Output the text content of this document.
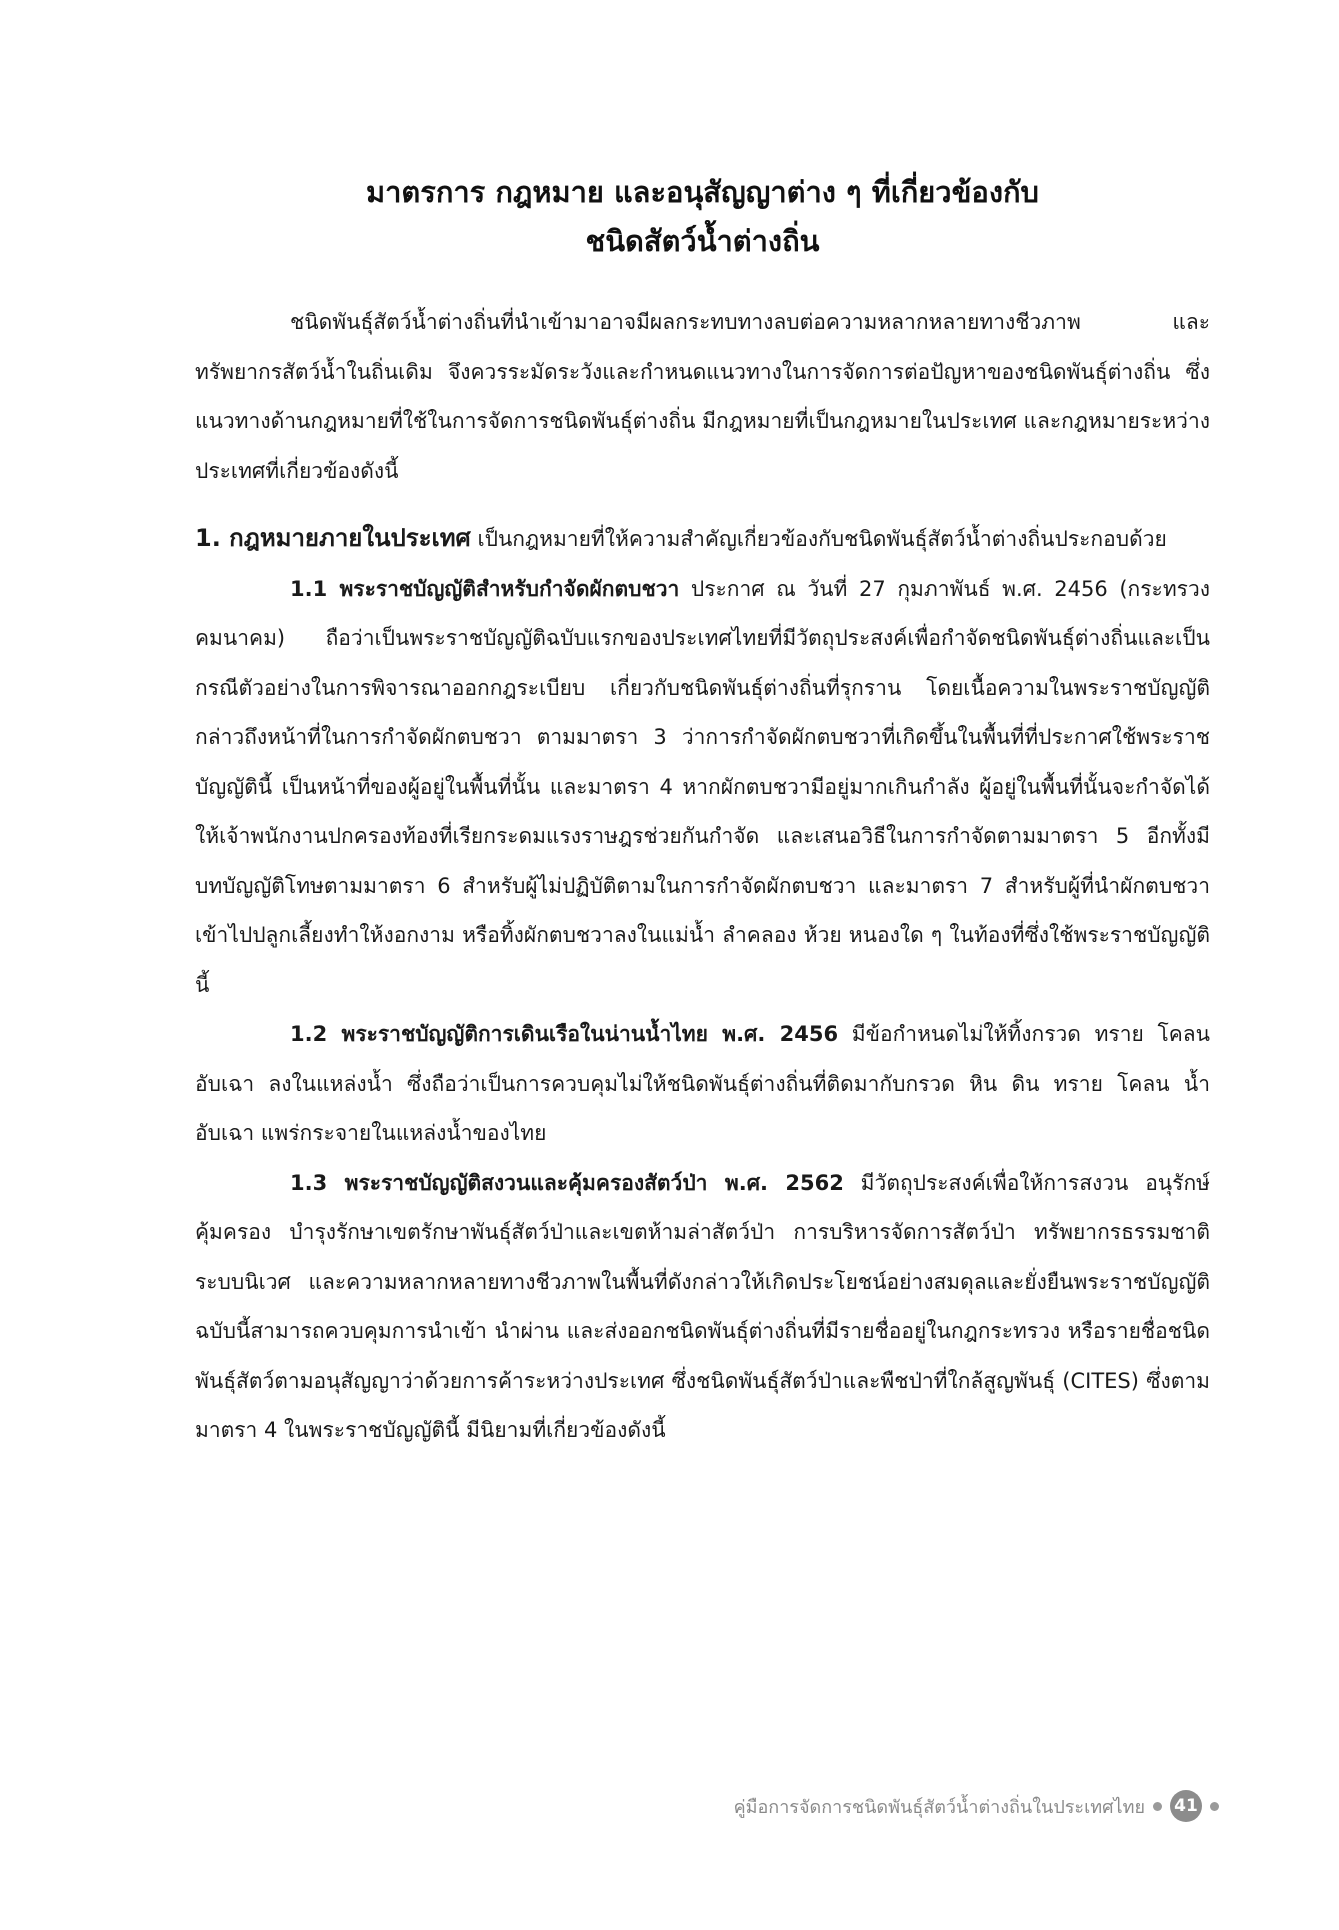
มาตรการ กฎหมาย และอนุสัญญาต่าง ๆ ที่เกี่ยวข้องกับ
ชนิดสัตว์น้ำต่างถิ่น

ชนิดพันธุ์สัตว์น้ำต่างถิ่นที่นำเข้ามาอาจมีผลกระทบทางลบต่อความหลากหลายทางชีวภาพ และทรัพยากรสัตว์น้ำในถิ่นเดิม จึงควรระมัดระวังและกำหนดแนวทางในการจัดการต่อปัญหาของชนิดพันธุ์ต่างถิ่น ซึ่งแนวทางด้านกฎหมายที่ใช้ในการจัดการชนิดพันธุ์ต่างถิ่น มีกฎหมายที่เป็นกฎหมายในประเทศ และกฎหมายระหว่างประเทศที่เกี่ยวข้องดังนี้

1. กฎหมายภายในประเทศ เป็นกฎหมายที่ให้ความสำคัญเกี่ยวข้องกับชนิดพันธุ์สัตว์น้ำต่างถิ่นประกอบด้วย

1.1 พระราชบัญญัติสำหรับกำจัดผักตบชวา ประกาศ ณ วันที่ 27 กุมภาพันธ์ พ.ศ. 2456 (กระทรวงคมนาคม) ถือว่าเป็นพระราชบัญญัติฉบับแรกของประเทศไทยที่มีวัตถุประสงค์เพื่อกำจัดชนิดพันธุ์ต่างถิ่นและเป็นกรณีตัวอย่างในการพิจารณาออกกฎระเบียบ เกี่ยวกับชนิดพันธุ์ต่างถิ่นที่รุกราน โดยเนื้อความในพระราชบัญญัติ กล่าวถึงหน้าที่ในการกำจัดผักตบชวา ตามมาตรา 3 ว่าการกำจัดผักตบชวาที่เกิดขึ้นในพื้นที่ที่ประกาศใช้พระราชบัญญัตินี้ เป็นหน้าที่ของผู้อยู่ในพื้นที่นั้น และมาตรา 4 หากผักตบชวามีอยู่มากเกินกำลัง ผู้อยู่ในพื้นที่นั้นจะกำจัดได้ ให้เจ้าพนักงานปกครองท้องที่เรียกระดมแรงราษฎรช่วยกันกำจัด และเสนอวิธีในการกำจัดตามมาตรา 5 อีกทั้งมีบทบัญญัติโทษตามมาตรา 6 สำหรับผู้ไม่ปฏิบัติตามในการกำจัดผักตบชวา และมาตรา 7 สำหรับผู้ที่นำผักตบชวาเข้าไปปลูกเลี้ยงทำให้งอกงาม หรือทิ้งผักตบชวาลงในแม่น้ำ ลำคลอง ห้วย หนองใด ๆ ในท้องที่ซึ่งใช้พระราชบัญญัตินี้

1.2 พระราชบัญญัติการเดินเรือในน่านน้ำไทย พ.ศ. 2456 มีข้อกำหนดไม่ให้ทิ้งกรวด ทราย โคลนอับเฉา ลงในแหล่งน้ำ ซึ่งถือว่าเป็นการควบคุมไม่ให้ชนิดพันธุ์ต่างถิ่นที่ติดมากับกรวด หิน ดิน ทราย โคลน น้ำอับเฉา แพร่กระจายในแหล่งน้ำของไทย

1.3 พระราชบัญญัติสงวนและคุ้มครองสัตว์ป่า พ.ศ. 2562 มีวัตถุประสงค์เพื่อให้การสงวน อนุรักษ์ คุ้มครอง บำรุงรักษาเขตรักษาพันธุ์สัตว์ป่าและเขตห้ามล่าสัตว์ป่า การบริหารจัดการสัตว์ป่า ทรัพยากรธรรมชาติ ระบบนิเวศ และความหลากหลายทางชีวภาพในพื้นที่ดังกล่าวให้เกิดประโยชน์อย่างสมดุลและยั่งยืนพระราชบัญญัติ ฉบับนี้สามารถควบคุมการนำเข้า นำผ่าน และส่งออกชนิดพันธุ์ต่างถิ่นที่มีรายชื่ออยู่ในกฎกระทรวง หรือรายชื่อชนิดพันธุ์สัตว์ตามอนุสัญญาว่าด้วยการค้าระหว่างประเทศ ซึ่งชนิดพันธุ์สัตว์ป่าและพืชป่าที่ใกล้สูญพันธุ์ (CITES) ซึ่งตามมาตรา 4 ในพระราชบัญญัตินี้ มีนิยามที่เกี่ยวข้องดังนี้

คู่มือการจัดการชนิดพันธุ์สัตว์น้ำต่างถิ่นในประเทศไทย 41
